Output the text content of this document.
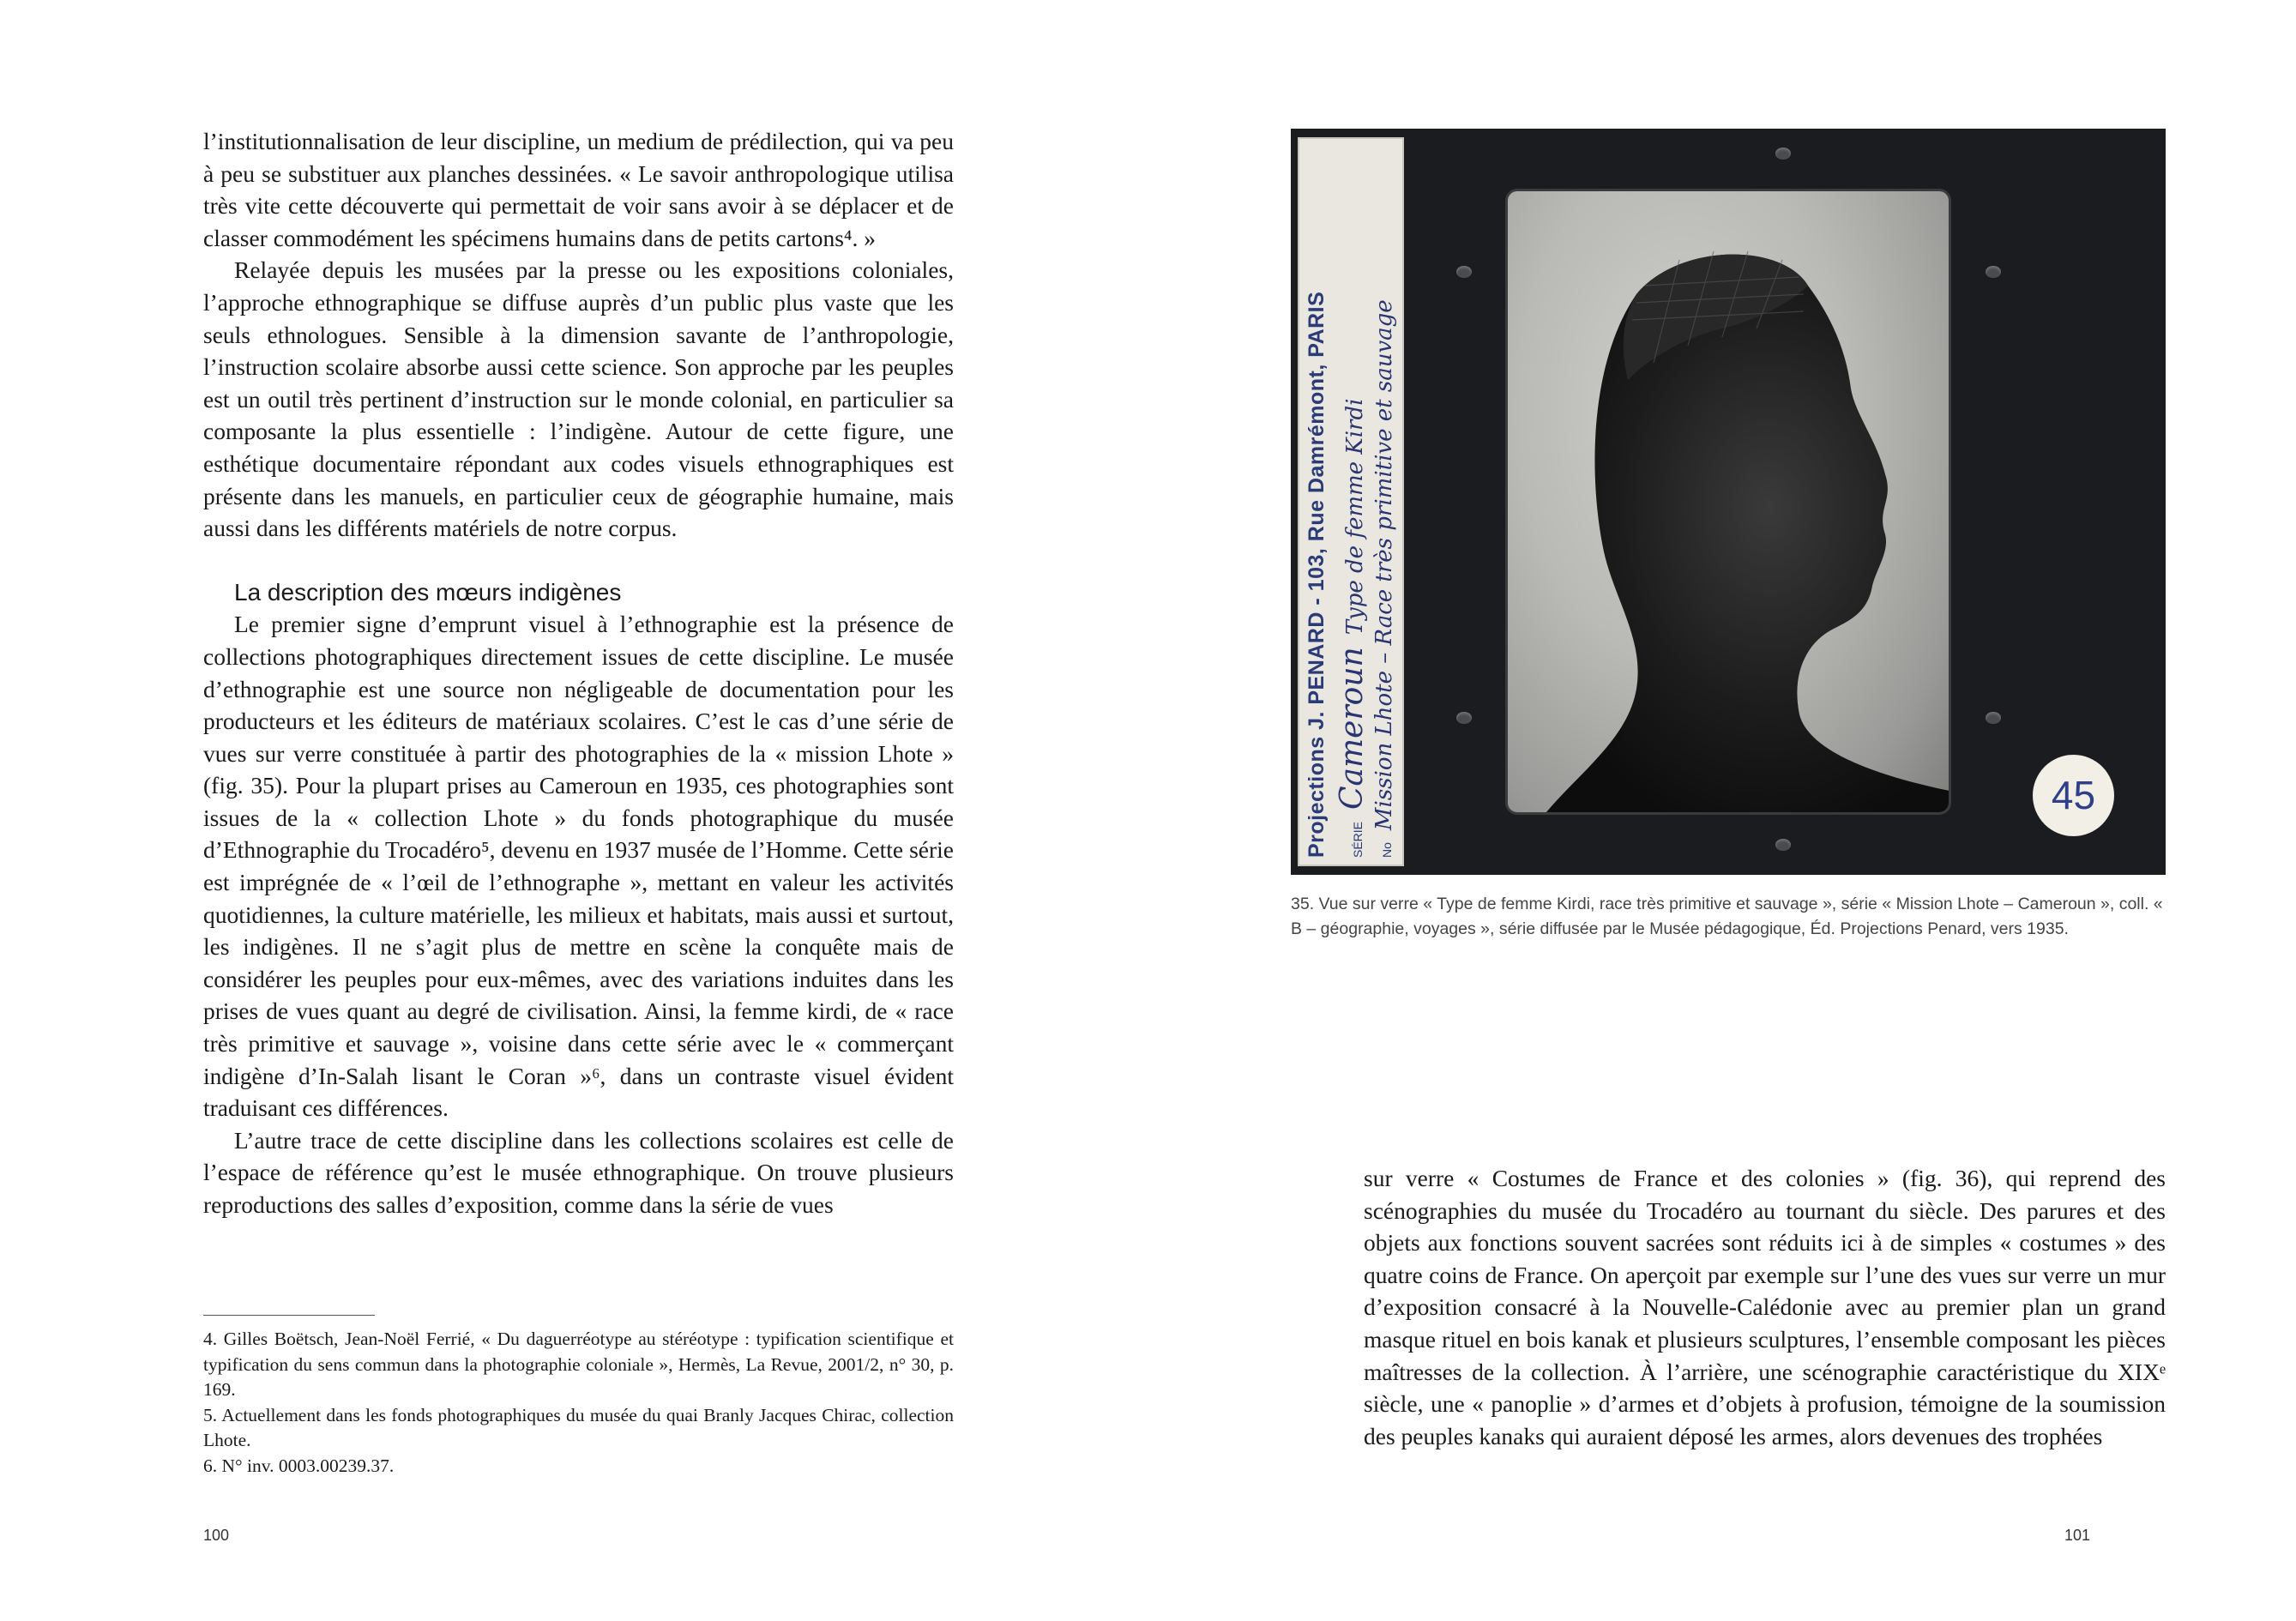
l’institutionnalisation de leur discipline, un medium de prédilection, qui va peu à peu se substituer aux planches dessinées. « Le savoir anthropologique utilisa très vite cette découverte qui permettait de voir sans avoir à se déplacer et de classer commodément les spécimens humains dans de petits cartons⁴. »

Relayée depuis les musées par la presse ou les expositions coloniales, l’approche ethnographique se diffuse auprès d’un public plus vaste que les seuls ethnologues. Sensible à la dimension savante de l’anthropologie, l’instruction scolaire absorbe aussi cette science. Son approche par les peuples est un outil très pertinent d’instruction sur le monde colonial, en particulier sa composante la plus essentielle : l’indigène. Autour de cette figure, une esthétique documentaire répondant aux codes visuels ethnographiques est présente dans les manuels, en particulier ceux de géographie humaine, mais aussi dans les différents matériels de notre corpus.

La description des mœurs indigènes

Le premier signe d’emprunt visuel à l’ethnographie est la présence de collections photographiques directement issues de cette discipline. Le musée d’ethnographie est une source non négligeable de documentation pour les producteurs et les éditeurs de matériaux scolaires. C’est le cas d’une série de vues sur verre constituée à partir des photographies de la « mission Lhote » (fig. 35). Pour la plupart prises au Cameroun en 1935, ces photographies sont issues de la « collection Lhote » du fonds photographique du musée d’Ethnographie du Trocadéro⁵, devenu en 1937 musée de l’Homme. Cette série est imprégnée de « l’œil de l’ethnographe », mettant en valeur les activités quotidiennes, la culture matérielle, les milieux et habitats, mais aussi et surtout, les indigènes. Il ne s’agit plus de mettre en scène la conquête mais de considérer les peuples pour eux-mêmes, avec des variations induites dans les prises de vues quant au degré de civilisation. Ainsi, la femme kirdi, de « race très primitive et sauvage », voisine dans cette série avec le « commerçant indigène d’In-Salah lisant le Coran »⁶, dans un contraste visuel évident traduisant ces différences.

L’autre trace de cette discipline dans les collections scolaires est celle de l’espace de référence qu’est le musée ethnographique. On trouve plusieurs reproductions des salles d’exposition, comme dans la série de vues

4. Gilles Boëtsch, Jean-Noël Ferrié, « Du daguerréotype au stéréotype : typification scientifique et typification du sens commun dans la photographie coloniale », Hermès, La Revue, 2001/2, n° 30, p. 169.

5. Actuellement dans les fonds photographiques du musée du quai Branly Jacques Chirac, collection Lhote.

6. N° inv. 0003.00239.37.

100
Projections J. PENARD - 103, Rue Damrémont, PARIS SÉRIE
Cameroun
Type de femme Kirdi
No
Mission Lhote – Race très primitive et sauvage	45
35. Vue sur verre « Type de femme Kirdi, race très primitive et sauvage », série « Mission Lhote – Cameroun », coll. « B – géographie, voyages », série diffusée par le Musée pédagogique, Éd. Projections Penard, vers 1935.

sur verre « Costumes de France et des colonies » (fig. 36), qui reprend des scénographies du musée du Trocadéro au tournant du siècle. Des parures et des objets aux fonctions souvent sacrées sont réduits ici à de simples « costumes » des quatre coins de France. On aperçoit par exemple sur l’une des vues sur verre un mur d’exposition consacré à la Nouvelle-Calédonie avec au premier plan un grand masque rituel en bois kanak et plusieurs sculptures, l’ensemble composant les pièces maîtresses de la collection. À l’arrière, une scénographie caractéristique du XIXᵉ siècle, une « panoplie » d’armes et d’objets à profusion, témoigne de la soumission des peuples kanaks qui auraient déposé les armes, alors devenues des trophées

101
